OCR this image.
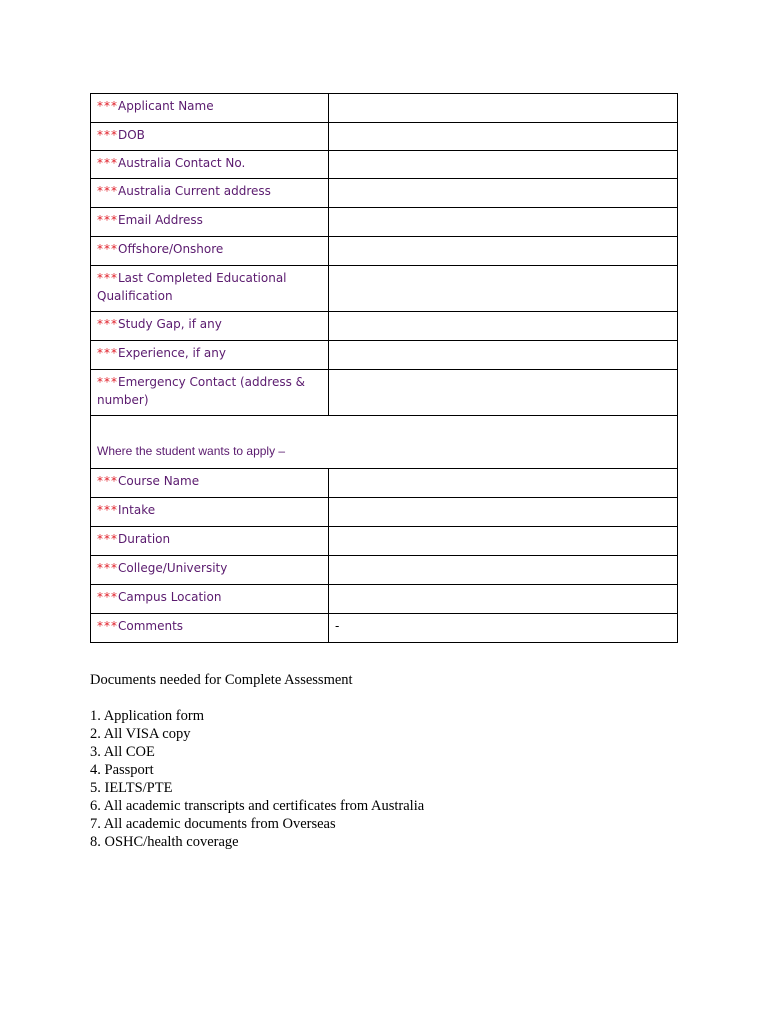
***Applicant Name	
***DOB	
***Australia Contact No.	
***Australia Current address	
***Email Address	
***Offshore/Onshore	
***Last Completed Educational Qualification	
***Study Gap, if any	
***Experience, if any	
***Emergency Contact (address & number)	
Where the student wants to apply –	
***Course Name	
***Intake	
***Duration	
***College/University	
***Campus Location	
***Comments	-

Documents needed for Complete Assessment

1. Application form
2. All VISA copy
3. All COE
4. Passport
5. IELTS/PTE
6. All academic transcripts and certificates from Australia
7. All academic documents from Overseas
8. OSHC/health coverage
